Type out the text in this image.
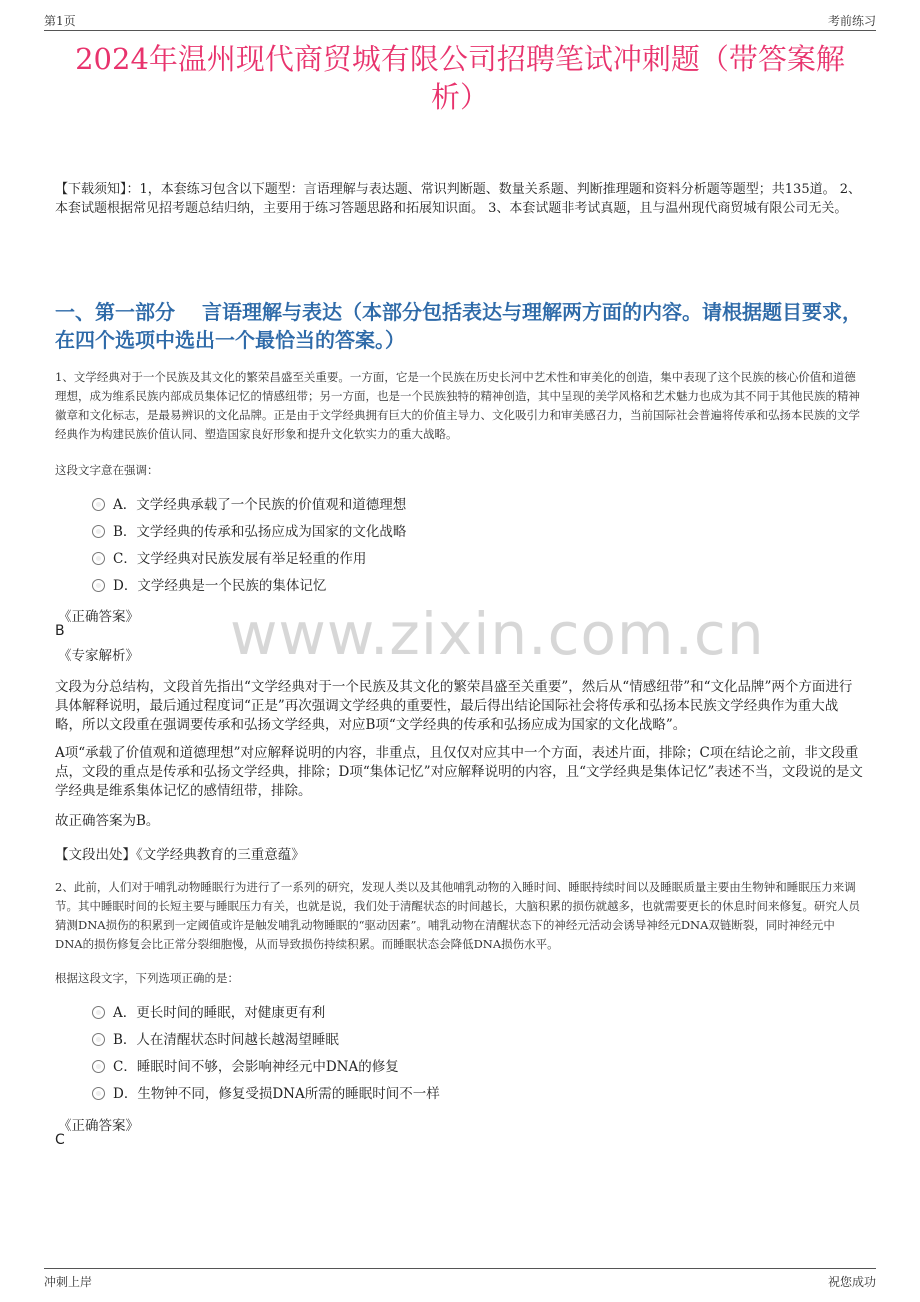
第1页	考前练习
2024年温州现代商贸城有限公司招聘笔试冲刺题（带答案解析）

【下载须知】：1，本套练习包含以下题型：言语理解与表达题、常识判断题、数量关系题、判断推理题和资料分析题等题型；共135道。 2、本套试题根据常见招考题总结归纳，主要用于练习答题思路和拓展知识面。 3、本套试题非考试真题，且与温州现代商贸城有限公司无关。

一、第一部分　 言语理解与表达（本部分包括表达与理解两方面的内容。请根据题目要求，在四个选项中选出一个最恰当的答案。）

1、文学经典对于一个民族及其文化的繁荣昌盛至关重要。一方面，它是一个民族在历史长河中艺术性和审美化的创造，集中表现了这个民族的核心价值和道德理想，成为维系民族内部成员集体记忆的情感纽带；另一方面，也是一个民族独特的精神创造，其中呈现的美学风格和艺术魅力也成为其不同于其他民族的精神徽章和文化标志，是最易辨识的文化品牌。正是由于文学经典拥有巨大的价值主导力、文化吸引力和审美感召力，当前国际社会普遍将传承和弘扬本民族的文学经典作为构建民族价值认同、塑造国家良好形象和提升文化软实力的重大战略。

这段文字意在强调：
A．文学经典承载了一个民族的价值观和道德理想
B．文学经典的传承和弘扬应成为国家的文化战略
C．文学经典对民族发展有举足轻重的作用
D．文学经典是一个民族的集体记忆
《正确答案》
B
《专家解析》 www.zixin.com.cn

文段为分总结构，文段首先指出“文学经典对于一个民族及其文化的繁荣昌盛至关重要”，然后从“情感纽带”和“文化品牌”两个方面进行具体解释说明，最后通过程度词“正是”再次强调文学经典的重要性，最后得出结论国际社会将传承和弘扬本民族文学经典作为重大战略，所以文段重在强调要传承和弘扬文学经典，对应B项“文学经典的传承和弘扬应成为国家的文化战略”。

A项“承载了价值观和道德理想”对应解释说明的内容，非重点，且仅仅对应其中一个方面，表述片面，排除；C项在结论之前，非文段重点，文段的重点是传承和弘扬文学经典，排除；D项“集体记忆”对应解释说明的内容，且“文学经典是集体记忆”表述不当，文段说的是文学经典是维系集体记忆的感情纽带，排除。

故正确答案为B。

【文段出处】《文学经典教育的三重意蕴》

2、此前，人们对于哺乳动物睡眠行为进行了一系列的研究，发现人类以及其他哺乳动物的入睡时间、睡眠持续时间以及睡眠质量主要由生物钟和睡眠压力来调节。其中睡眠时间的长短主要与睡眠压力有关，也就是说，我们处于清醒状态的时间越长，大脑积累的损伤就越多，也就需要更长的休息时间来修复。研究人员猜测DNA损伤的积累到一定阈值或许是触发哺乳动物睡眠的“驱动因素”。哺乳动物在清醒状态下的神经元活动会诱导神经元DNA双链断裂，同时神经元中DNA的损伤修复会比正常分裂细胞慢，从而导致损伤持续积累。而睡眠状态会降低DNA损伤水平。

根据这段文字，下列选项正确的是：
A．更长时间的睡眠，对健康更有利
B．人在清醒状态时间越长越渴望睡眠
C．睡眠时间不够，会影响神经元中DNA的修复
D．生物钟不同，修复受损DNA所需的睡眠时间不一样
《正确答案》
C
冲刺上岸	祝您成功
